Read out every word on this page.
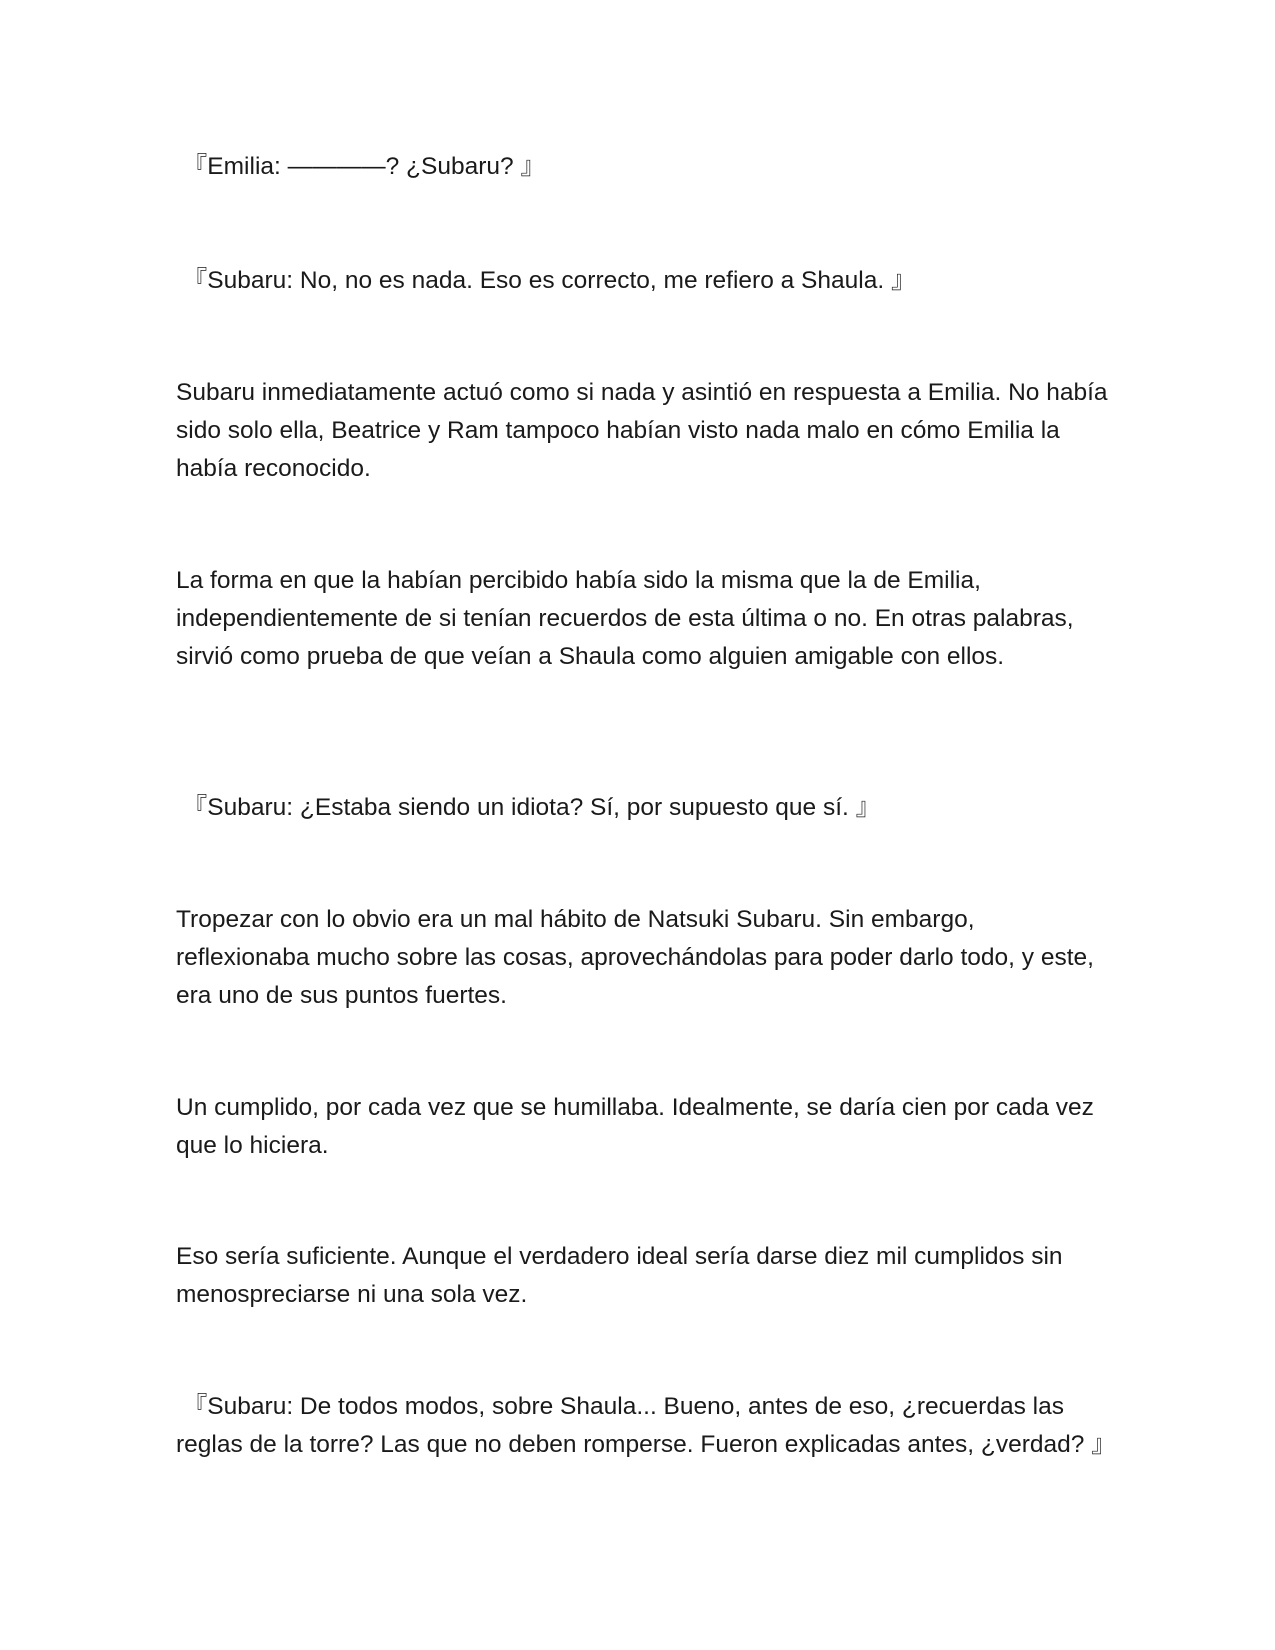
『Emilia: ————? ¿Subaru? 』

『Subaru: No, no es nada. Eso es correcto, me refiero a Shaula. 』

Subaru inmediatamente actuó como si nada y asintió en respuesta a Emilia. No había sido solo ella, Beatrice y Ram tampoco habían visto nada malo en cómo Emilia la había reconocido.

La forma en que la habían percibido había sido la misma que la de Emilia, independientemente de si tenían recuerdos de esta última o no. En otras palabras, sirvió como prueba de que veían a Shaula como alguien amigable con ellos.

『Subaru: ¿Estaba siendo un idiota? Sí, por supuesto que sí. 』

Tropezar con lo obvio era un mal hábito de Natsuki Subaru. Sin embargo, reflexionaba mucho sobre las cosas, aprovechándolas para poder darlo todo, y este, era uno de sus puntos fuertes.

Un cumplido, por cada vez que se humillaba. Idealmente, se daría cien por cada vez que lo hiciera.

Eso sería suficiente. Aunque el verdadero ideal sería darse diez mil cumplidos sin menospreciarse ni una sola vez.

『Subaru: De todos modos, sobre Shaula... Bueno, antes de eso, ¿recuerdas las reglas de la torre? Las que no deben romperse. Fueron explicadas antes, ¿verdad? 』
